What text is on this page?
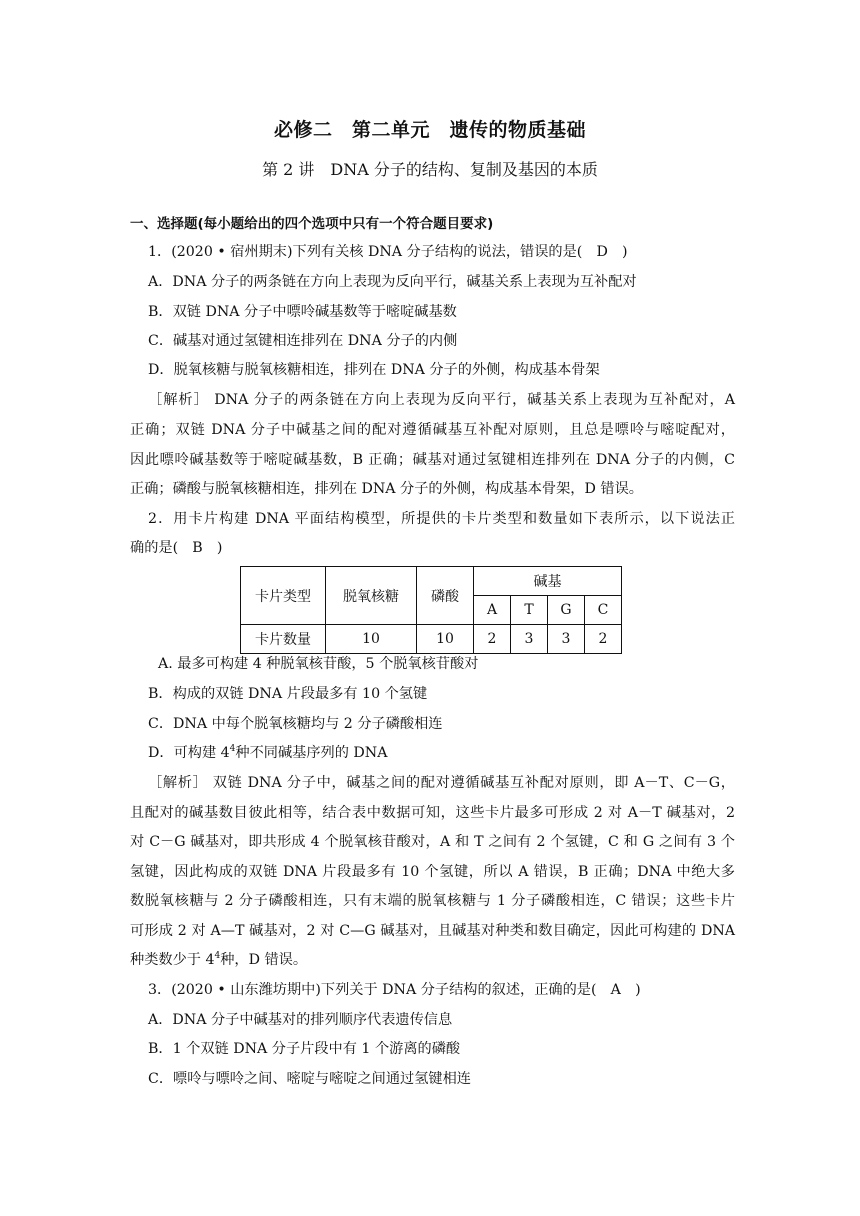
必修二　第二单元　遗传的物质基础
第 2 讲　DNA 分子的结构、复制及基因的本质
一、选择题(每小题给出的四个选项中只有一个符合题目要求)
1．(2020 • 宿州期末)下列有关核 DNA 分子结构的说法，错误的是(　D　)
A．DNA 分子的两条链在方向上表现为反向平行，碱基关系上表现为互补配对
B．双链 DNA 分子中嘌呤碱基数等于嘧啶碱基数
C．碱基对通过氢键相连排列在 DNA 分子的内侧
D．脱氧核糖与脱氧核糖相连，排列在 DNA 分子的外侧，构成基本骨架
［解析］ DNA 分子的两条链在方向上表现为反向平行，碱基关系上表现为互补配对，A
正确；双链 DNA 分子中碱基之间的配对遵循碱基互补配对原则，且总是嘌呤与嘧啶配对，
因此嘌呤碱基数等于嘧啶碱基数，B 正确；碱基对通过氢键相连排列在 DNA 分子的内侧，C
正确；磷酸与脱氧核糖相连，排列在 DNA 分子的外侧，构成基本骨架，D 错误。
2．用卡片构建 DNA 平面结构模型，所提供的卡片类型和数量如下表所示，以下说法正
确的是(　B　)
卡片类型	脱氧核糖	磷酸	碱基			
			A	T	G	C
卡片数量	10	10	2	3	3	2
A. 最多可构建 4 种脱氧核苷酸，5 个脱氧核苷酸对
B．构成的双链 DNA 片段最多有 10 个氢键
C．DNA 中每个脱氧核糖均与 2 分子磷酸相连
D．可构建 $4^4$种不同碱基序列的 DNA
［解析］ 双链 DNA 分子中，碱基之间的配对遵循碱基互补配对原则，即 A－T、C－G，
且配对的碱基数目彼此相等，结合表中数据可知，这些卡片最多可形成 2 对 A－T 碱基对，2
对 C－G 碱基对，即共形成 4 个脱氧核苷酸对，A 和 T 之间有 2 个氢键，C 和 G 之间有 3 个
氢键，因此构成的双链 DNA 片段最多有 10 个氢键，所以 A 错误，B 正确；DNA 中绝大多
数脱氧核糖与 2 分子磷酸相连，只有末端的脱氧核糖与 1 分子磷酸相连，C 错误；这些卡片
可形成 2 对 A—T 碱基对，2 对 C—G 碱基对，且碱基对种类和数目确定，因此可构建的 DNA
种类数少于 $4^4$种，D 错误。
3．(2020 • 山东潍坊期中)下列关于 DNA 分子结构的叙述，正确的是(　A　)
A．DNA 分子中碱基对的排列顺序代表遗传信息
B．1 个双链 DNA 分子片段中有 1 个游离的磷酸
C．嘌呤与嘌呤之间、嘧啶与嘧啶之间通过氢键相连
